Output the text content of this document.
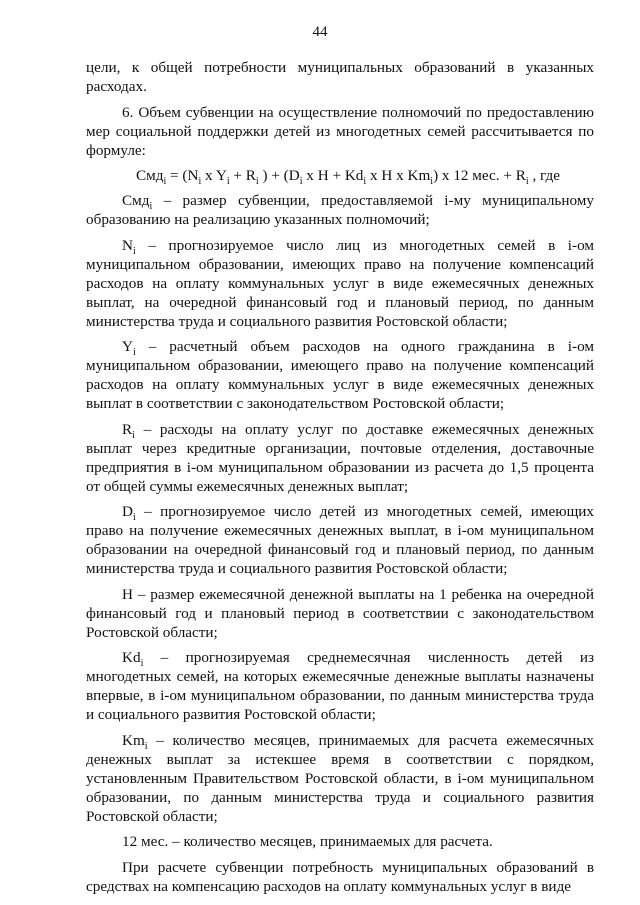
44

цели, к общей потребности муниципальных образований в указанных расходах.

6. Объем субвенции на осуществление полномочий по предоставлению мер социальной поддержки детей из многодетных семей рассчитывается по формуле:

$Смд_i = (N_i$ x $Y_i + R_i$ ) + ($D_i$ x $H + Kd_i$ x H x $Km_i$) x 12 мес. + $R_i$ , где

Смд$_i$ – размер субвенции, предоставляемой i-му муниципальному образованию на реализацию указанных полномочий;

$N_i$ – прогнозируемое число лиц из многодетных семей в i-ом муниципальном образовании, имеющих право на получение компенсаций расходов на оплату коммунальных услуг в виде ежемесячных денежных выплат, на очередной финансовый год и плановый период, по данным министерства труда и социального развития Ростовской области;

$Y_i$ – расчетный объем расходов на одного гражданина в i-ом муниципальном образовании, имеющего право на получение компенсаций расходов на оплату коммунальных услуг в виде ежемесячных денежных выплат в соответствии с законодательством Ростовской области;

$R_i$ – расходы на оплату услуг по доставке ежемесячных денежных выплат через кредитные организации, почтовые отделения, доставочные предприятия в i-ом муниципальном образовании из расчета до 1,5 процента от общей суммы ежемесячных денежных выплат;

$D_i$ – прогнозируемое число детей из многодетных семей, имеющих право на получение ежемесячных денежных выплат, в i-ом муниципальном образовании на очередной финансовый год и плановый период, по данным министерства труда и социального развития Ростовской области;

Н – размер ежемесячной денежной выплаты на 1 ребенка на очередной финансовый год и плановый период в соответствии с законодательством Ростовской области;

$Kd_i$ – прогнозируемая среднемесячная численность детей из многодетных семей, на которых ежемесячные денежные выплаты назначены впервые, в i-ом муниципальном образовании, по данным министерства труда и социального развития Ростовской области;

$Km_i$ – количество месяцев, принимаемых для расчета ежемесячных денежных выплат за истекшее время в соответствии с порядком, установленным Правительством Ростовской области, в i-ом муниципальном образовании, по данным министерства труда и социального развития Ростовской области;

12 мес. – количество месяцев, принимаемых для расчета.

При расчете субвенции потребность муниципальных образований в средствах на компенсацию расходов на оплату коммунальных услуг в виде
